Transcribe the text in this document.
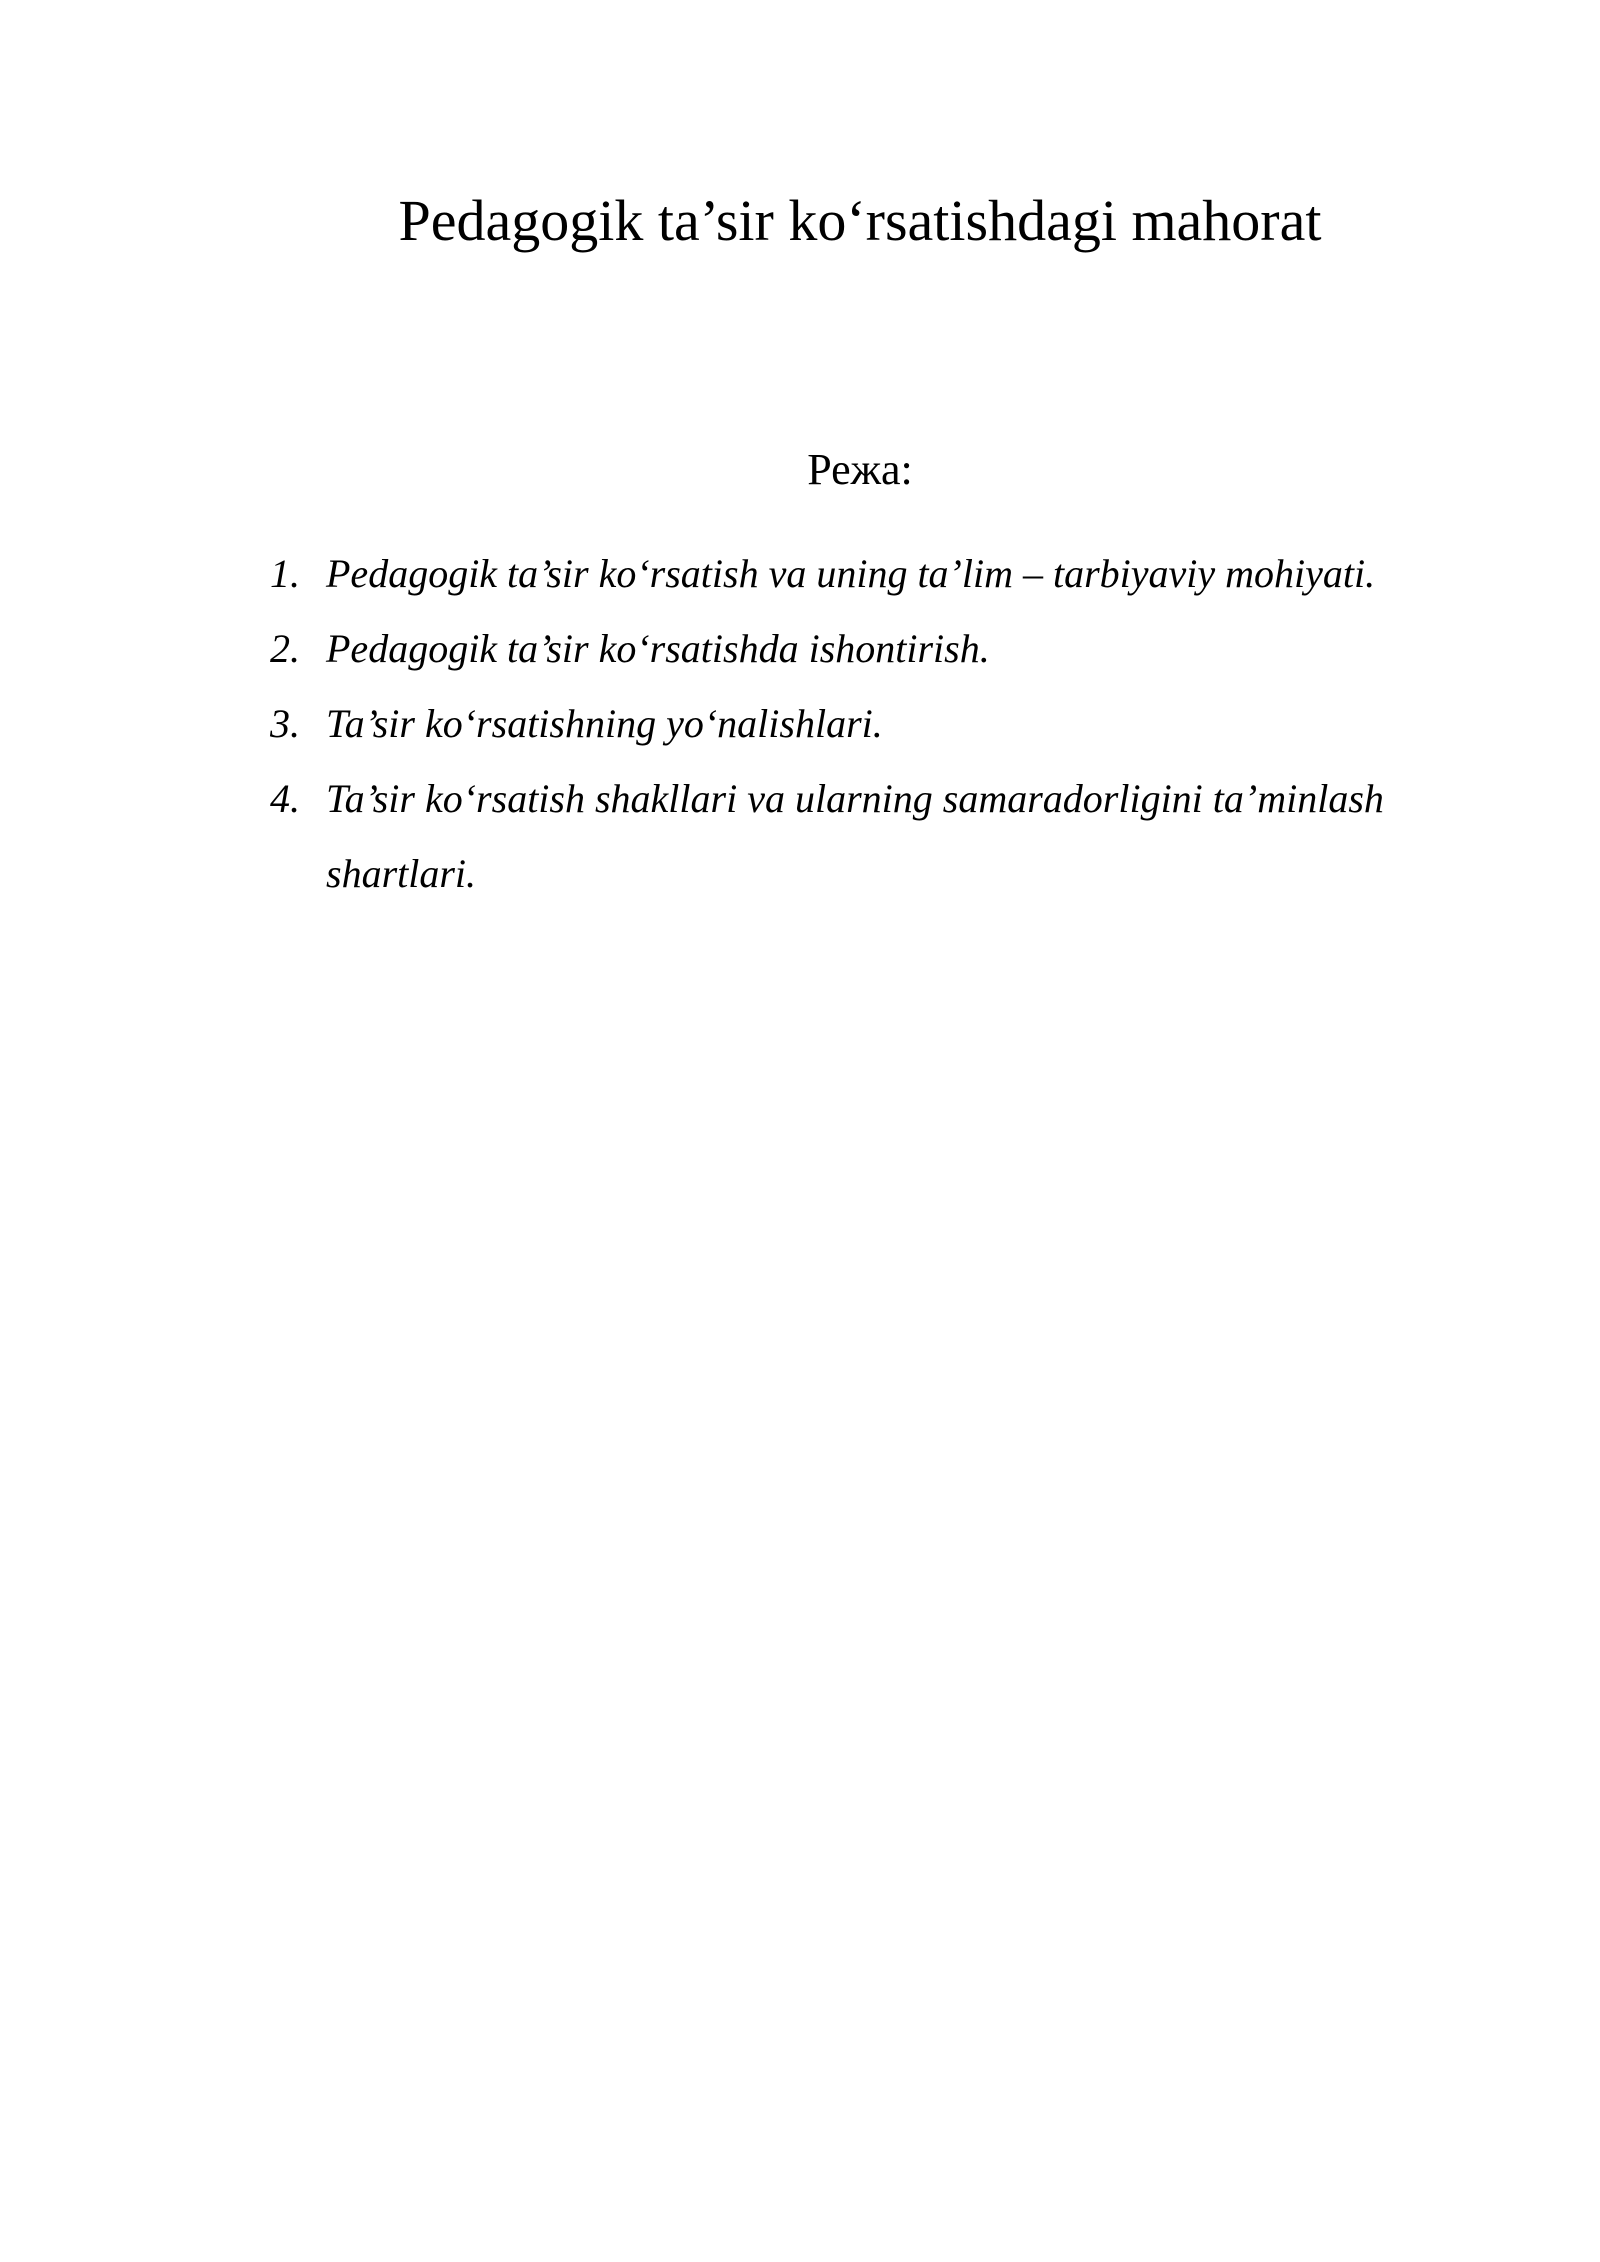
Pedagogik ta’sir koʻrsatishdagi mahorat
Режа:
1. Pedagogik ta’sir koʻrsatish va uning ta’lim – tarbiyaviy mohiyati.
2. Pedagogik ta’sir koʻrsatishda ishontirish.
3. Ta’sir koʻrsatishning yoʻnalishlari.
4. Ta’sir koʻrsatish shakllari va ularning samaradorligini ta’minlash shartlari.
